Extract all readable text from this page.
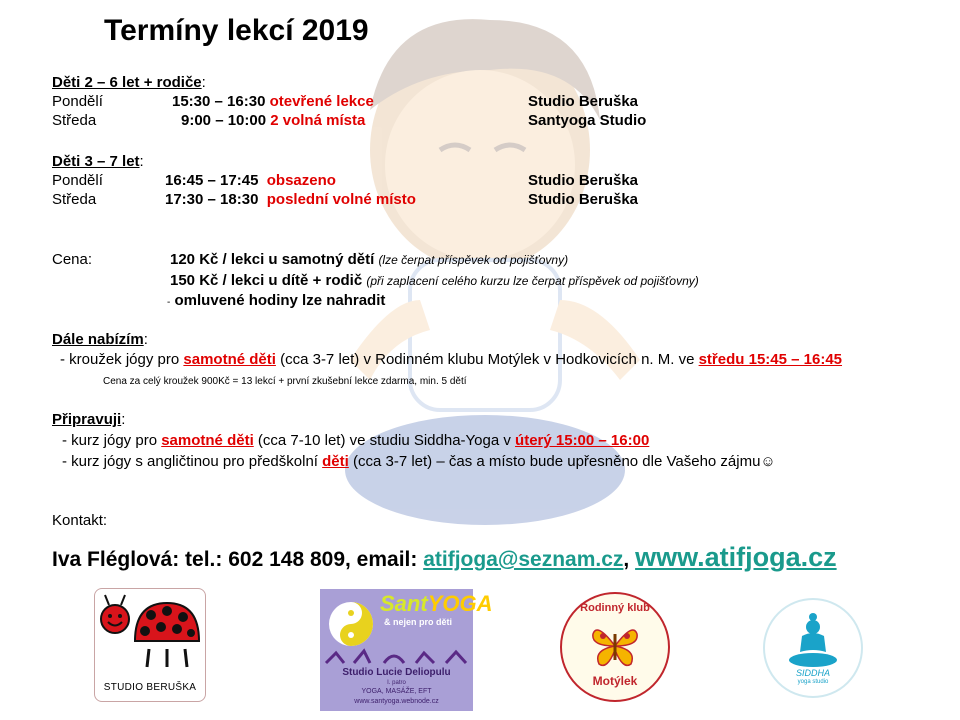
Termíny lekcí 2019
Děti 2 – 6 let + rodiče:
Pondělí	15:30 – 16:30 otevřené lekce	Studio Beruška
Středa	9:00 – 10:00 2 volná místa	Santyoga Studio
Děti 3 – 7 let:
Pondělí	16:45 – 17:45 obsazeno	Studio Beruška
Středa	17:30 – 18:30 poslední volné místo	Studio Beruška
Cena:	120 Kč / lekci u samotný dětí (lze čerpat příspěvek od pojišťovny)
150 Kč / lekci u dítě + rodič (při zaplacení celého kurzu lze čerpat příspěvek od pojišťovny)
- omluvené hodiny lze nahradit
Dále nabízím:
- kroužek jógy pro samotné děti (cca 3-7 let) v Rodinném klubu Motýlek v Hodkovicích n. M. ve středu 15:45 – 16:45
Cena za celý kroužek 900Kč = 13 lekcí + první zkušební lekce zdarma, min. 5 dětí
Připravuji:
- kurz jógy pro samotné děti (cca 7-10 let) ve studiu Siddha-Yoga v úterý 15:00 – 16:00
- kurz jógy s angličtinou pro předškolní děti (cca 3-7 let) – čas a místo bude upřesněno dle Vašeho zájmu☺
Kontakt:
Iva Fléglová: tel.: 602 148 809, email: atifjoga@seznam.cz, www.atifjoga.cz
STUDIO BERUŠKA
SantYOGA
& nejen pro děti
Studio Lucie Deliopulu
I. patro
YOGA, MASÁŽE, EFT
www.santyoga.webnode.cz
Rodinný klub
Motýlek
SIDDHA
yoga studio
